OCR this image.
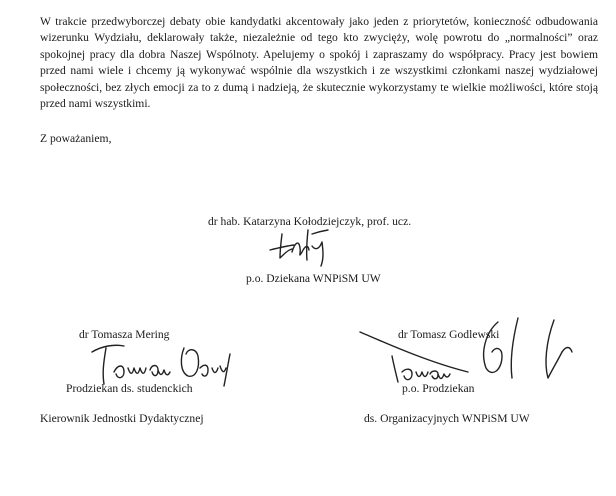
W trakcie przedwyborczej debaty obie kandydatki akcentowały jako jeden z priorytetów, konieczność odbudowania wizerunku Wydziału, deklarowały także, niezależnie od tego kto zwycięży, wolę powrotu do „normalności” oraz spokojnej pracy dla dobra Naszej Wspólnoty. Apelujemy o spokój i zapraszamy do współpracy. Pracy jest bowiem przed nami wiele i chcemy ją wykonywać wspólnie dla wszystkich i ze wszystkimi członkami naszej wydziałowej społeczności, bez złych emocji za to z dumą i nadzieją, że skutecznie wykorzystamy te wielkie możliwości, które stoją przed nami wszystkimi.

Z poważaniem,

dr hab. Katarzyna Kołodziejczyk, prof. ucz.
p.o. Dziekana WNPiSM UW
dr Tomasza Mering
Prodziekan ds. studenckich
Kierownik Jednostki Dydaktycznej
dr Tomasz Godlewski
p.o. Prodziekan
ds. Organizacyjnych WNPiSM UW
